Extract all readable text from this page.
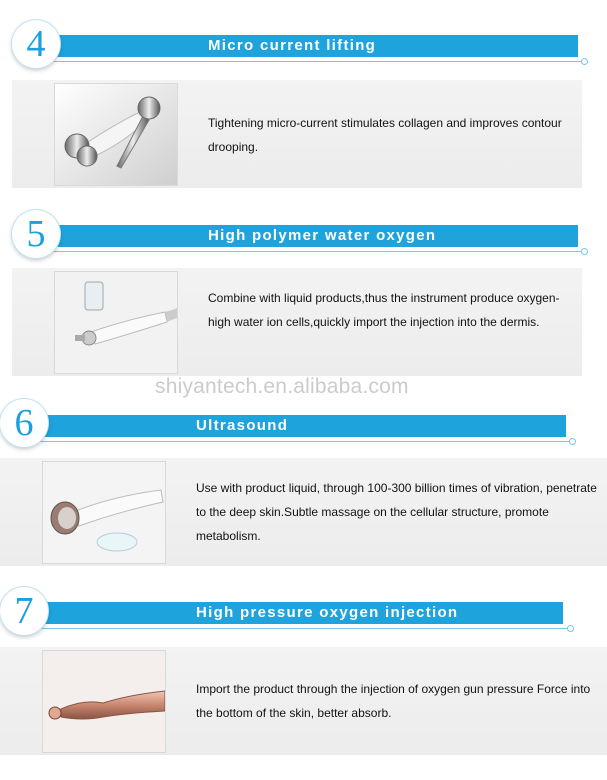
Micro current lifting
4
Tightening micro-current stimulates collagen and improves contour drooping.
High polymer water oxygen
5
Combine with liquid products,thus the instrument produce oxygen-high water ion cells,quickly import the injection into the dermis.
shiyantech.en.alibaba.com
Ultrasound
6
Use with product liquid, through 100-300 billion times of vibration, penetrate to the deep skin.Subtle massage on the cellular structure, promote metabolism.
High pressure oxygen injection
7
Import the product through the injection of oxygen gun pressure Force into the bottom of the skin, better absorb.
